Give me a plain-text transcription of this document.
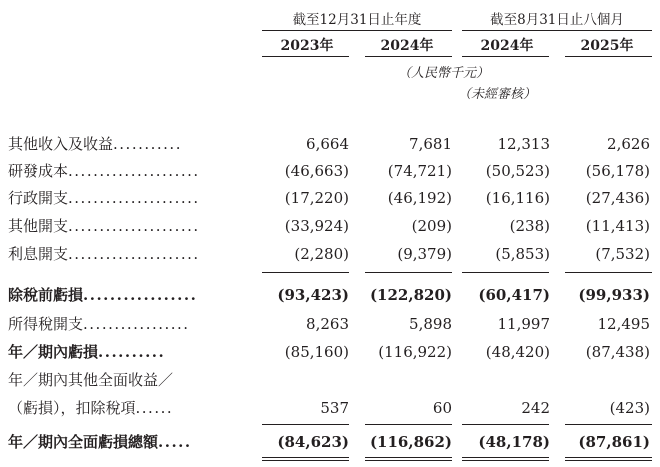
截至12月31日止年度	截至8月31日止八個月
2023年	2024年	2024年	2025年
（人民幣千元）
（未經審核）
其他收入及收益...........	6,664	7,681	12,313	2,626
研發成本.....................	(46,663)	(74,721)	(50,523)	(56,178)
行政開支.....................	(17,220)	(46,192)	(16,116)	(27,436)
其他開支.....................	(33,924)	(209)	(238)	(11,413)
利息開支.....................	(2,280)	(9,379)	(5,853)	(7,532)
除稅前虧損.................	(93,423) (122,820)	(60,417)	(99,933)
所得稅開支.................	8,263	5,898	11,997	12,495
年／期內虧損..........	(85,160)	(116,922)	(48,420)	(87,438)
年／期內其他全面收益／
（虧損），扣除稅項......	537	60	242	(423)
年／期內全面虧損總額.....	(84,623) (116,862)	(48,178)	(87,861)
